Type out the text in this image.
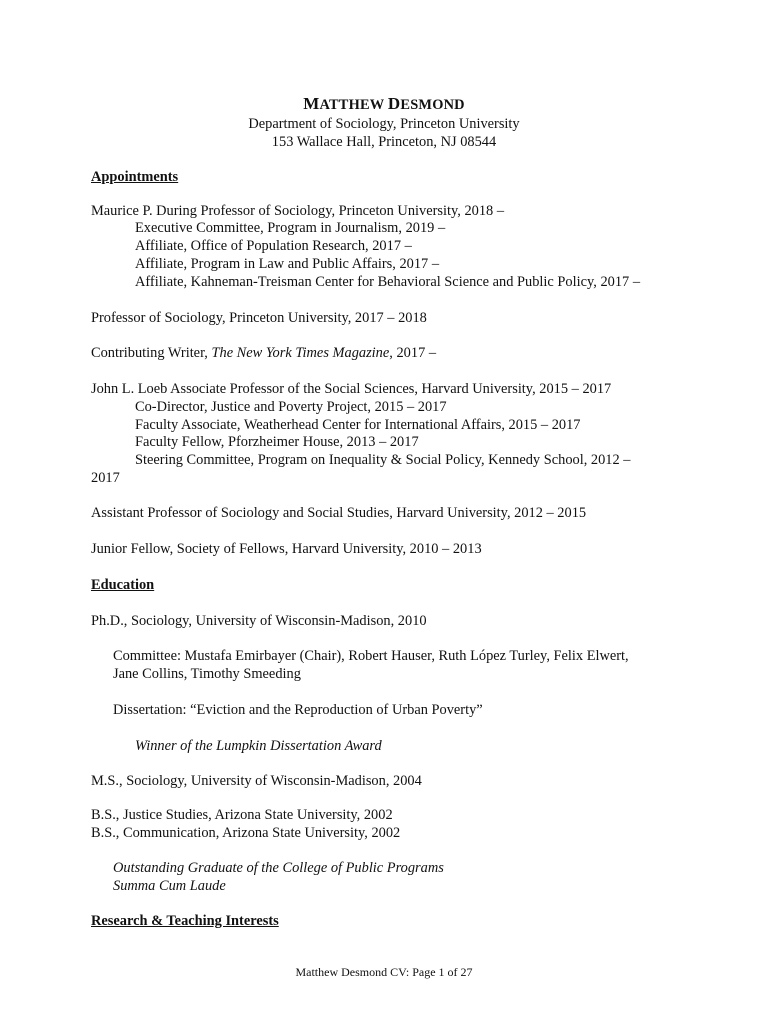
MATTHEW DESMOND
Department of Sociology, Princeton University
153 Wallace Hall, Princeton, NJ 08544
Appointments
Maurice P. During Professor of Sociology, Princeton University, 2018 –
Executive Committee, Program in Journalism, 2019 –
Affiliate, Office of Population Research, 2017 –
Affiliate, Program in Law and Public Affairs, 2017 –
Affiliate, Kahneman-Treisman Center for Behavioral Science and Public Policy, 2017 –
Professor of Sociology, Princeton University, 2017 – 2018
Contributing Writer, The New York Times Magazine, 2017 –
John L. Loeb Associate Professor of the Social Sciences, Harvard University, 2015 – 2017
Co-Director, Justice and Poverty Project, 2015 – 2017
Faculty Associate, Weatherhead Center for International Affairs, 2015 – 2017
Faculty Fellow, Pforzheimer House, 2013 – 2017
Steering Committee, Program on Inequality & Social Policy, Kennedy School, 2012 –
2017
Assistant Professor of Sociology and Social Studies, Harvard University, 2012 – 2015
Junior Fellow, Society of Fellows, Harvard University, 2010 – 2013
Education
Ph.D., Sociology, University of Wisconsin-Madison, 2010
Committee: Mustafa Emirbayer (Chair), Robert Hauser, Ruth López Turley, Felix Elwert,
Jane Collins, Timothy Smeeding
Dissertation: “Eviction and the Reproduction of Urban Poverty”
Winner of the Lumpkin Dissertation Award
M.S., Sociology, University of Wisconsin-Madison, 2004
B.S., Justice Studies, Arizona State University, 2002
B.S., Communication, Arizona State University, 2002
Outstanding Graduate of the College of Public Programs
Summa Cum Laude
Research & Teaching Interests
Matthew Desmond CV: Page 1 of 27
